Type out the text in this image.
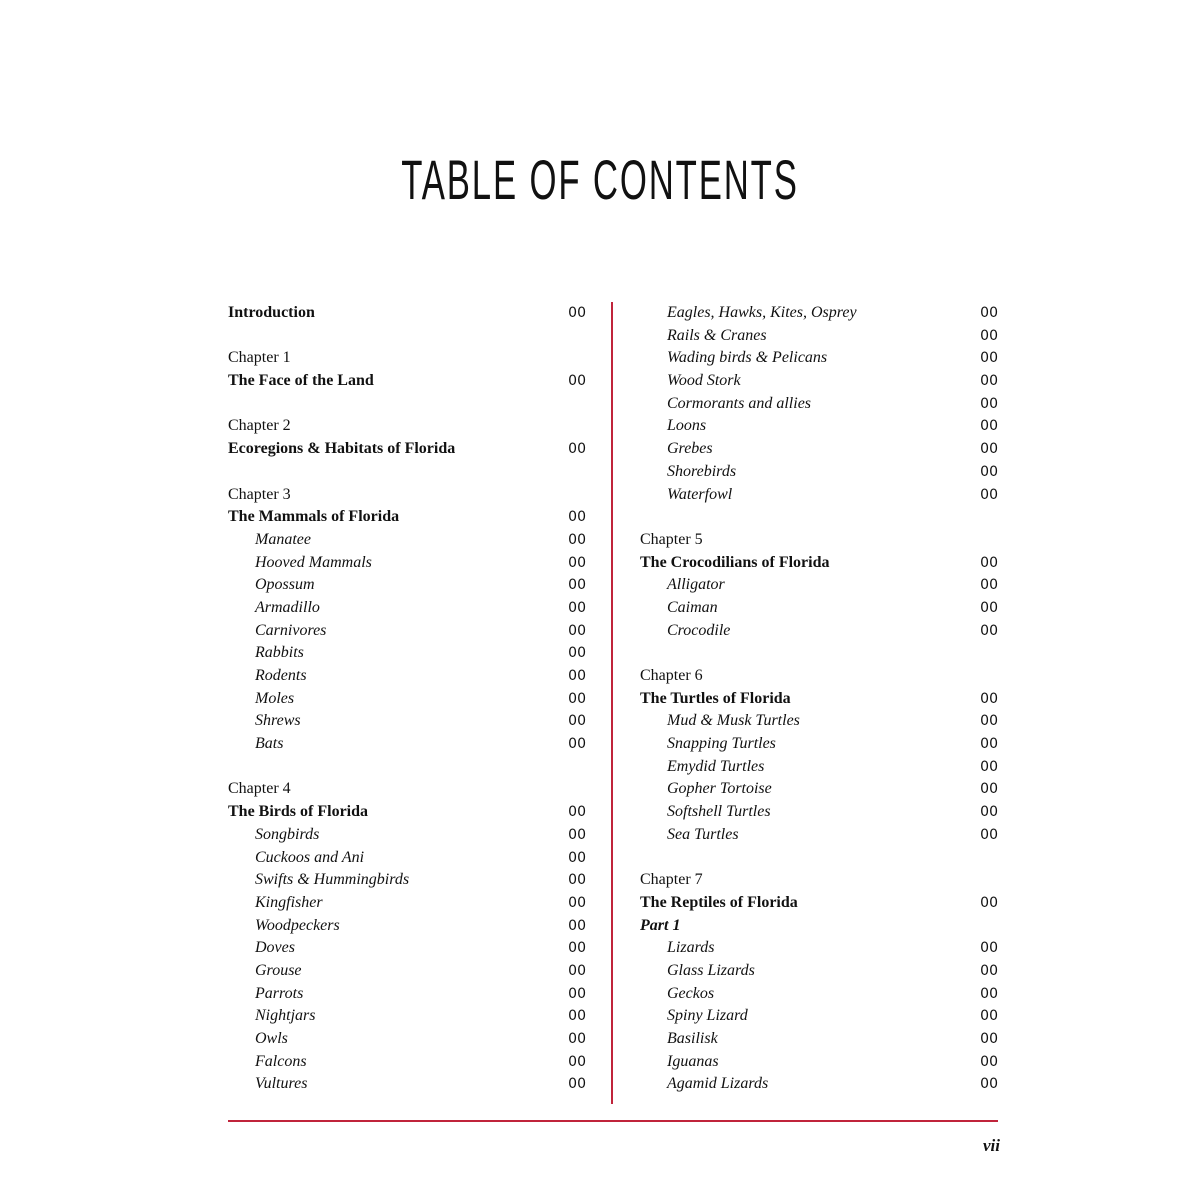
TABLE OF CONTENTS
Introduction	00
Chapter 1
The Face of the Land	00
Chapter 2
Ecoregions & Habitats of Florida	00
Chapter 3
The Mammals of Florida	00
Manatee	00
Hooved Mammals	00
Opossum	00
Armadillo	00
Carnivores	00
Rabbits	00
Rodents	00
Moles	00
Shrews	00
Bats	00
Chapter 4
The Birds of Florida	00
Songbirds	00
Cuckoos and Ani	00
Swifts & Hummingbirds	00
Kingfisher	00
Woodpeckers	00
Doves	00
Grouse	00
Parrots	00
Nightjars	00
Owls	00
Falcons	00
Vultures	00
Eagles, Hawks, Kites, Osprey	00
Rails & Cranes	00
Wading birds & Pelicans	00
Wood Stork	00
Cormorants and allies	00
Loons	00
Grebes	00
Shorebirds	00
Waterfowl	00
Chapter 5
The Crocodilians of Florida	00
Alligator	00
Caiman	00
Crocodile	00
Chapter 6
The Turtles of Florida	00
Mud & Musk Turtles	00
Snapping Turtles	00
Emydid Turtles	00
Gopher Tortoise	00
Softshell Turtles	00
Sea Turtles	00
Chapter 7
The Reptiles of Florida	00
Part 1
Lizards	00
Glass Lizards	00
Geckos	00
Spiny Lizard	00
Basilisk	00
Iguanas	00
Agamid Lizards	00
vii
